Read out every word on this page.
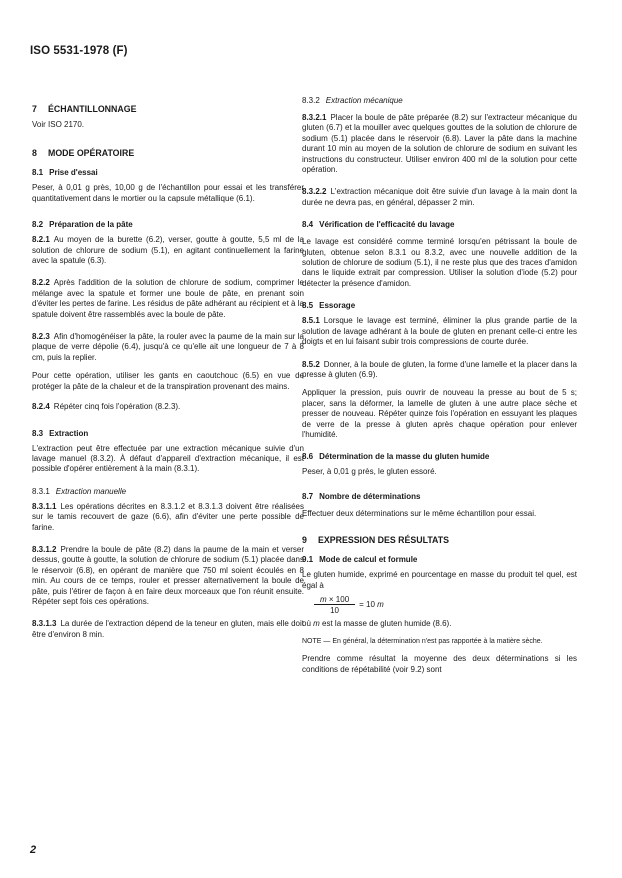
ISO 5531-1978 (F)
7 ÉCHANTILLONNAGE

Voir ISO 2170.

8 MODE OPÉRATOIRE
8.1 Prise d'essai

Peser, à 0,01 g près, 10,00 g de l'échantillon pour essai et les transférer quantitativement dans le mortier ou la capsule métallique (6.1).

8.2 Préparation de la pâte

8.2.1 Au moyen de la burette (6.2), verser, goutte à goutte, 5,5 ml de la solution de chlorure de sodium (5.1), en agitant continuellement la farine avec la spatule (6.3).

8.2.2 Après l'addition de la solution de chlorure de sodium, comprimer le mélange avec la spatule et former une boule de pâte, en prenant soin d'éviter les pertes de farine. Les résidus de pâte adhérant au récipient et à la spatule doivent être rassemblés avec la boule de pâte.

8.2.3 Afin d'homogénéiser la pâte, la rouler avec la paume de la main sur la plaque de verre dépolie (6.4), jusqu'à ce qu'elle ait une longueur de 7 à 8 cm, puis la replier.

Pour cette opération, utiliser les gants en caoutchouc (6.5) en vue de protéger la pâte de la chaleur et de la transpiration provenant des mains.

8.2.4 Répéter cinq fois l'opération (8.2.3).

8.3 Extraction

L'extraction peut être effectuée par une extraction mécanique suivie d'un lavage manuel (8.3.2). À défaut d'appareil d'extraction mécanique, il est possible d'opérer entièrement à la main (8.3.1).

8.3.1 Extraction manuelle

8.3.1.1 Les opérations décrites en 8.3.1.2 et 8.3.1.3 doivent être réalisées sur le tamis recouvert de gaze (6.6), afin d'éviter une perte possible de farine.

8.3.1.2 Prendre la boule de pâte (8.2) dans la paume de la main et verser dessus, goutte à goutte, la solution de chlorure de sodium (5.1) placée dans le réservoir (6.8), en opérant de manière que 750 ml soient écoulés en 8 min. Au cours de ce temps, rouler et presser alternativement la boule de pâte, puis l'étirer de façon à en faire deux morceaux que l'on réunit ensuite. Répéter sept fois ces opérations.

8.3.1.3 La durée de l'extraction dépend de la teneur en gluten, mais elle doit être d'environ 8 min.

8.3.2 Extraction mécanique

8.3.2.1 Placer la boule de pâte préparée (8.2) sur l'extracteur mécanique du gluten (6.7) et la mouiller avec quelques gouttes de la solution de chlorure de sodium (5.1) placée dans le réservoir (6.8). Laver la pâte dans la machine durant 10 min au moyen de la solution de chlorure de sodium en suivant les instructions du constructeur. Utiliser environ 400 ml de la solution pour cette opération.

8.3.2.2 L'extraction mécanique doit être suivie d'un lavage à la main dont la durée ne devra pas, en général, dépasser 2 min.

8.4 Vérification de l'efficacité du lavage

Le lavage est considéré comme terminé lorsqu'en pétrissant la boule de gluten, obtenue selon 8.3.1 ou 8.3.2, avec une nouvelle addition de la solution de chlorure de sodium (5.1), il ne reste plus que des traces d'amidon dans le liquide extrait par compression. Utiliser la solution d'iode (5.2) pour détecter la présence d'amidon.

8.5 Essorage

8.5.1 Lorsque le lavage est terminé, éliminer la plus grande partie de la solution de lavage adhérant à la boule de gluten en prenant celle-ci entre les doigts et en lui faisant subir trois compressions de courte durée.

8.5.2 Donner, à la boule de gluten, la forme d'une lamelle et la placer dans la presse à gluten (6.9).

Appliquer la pression, puis ouvrir de nouveau la presse au bout de 5 s; placer, sans la déformer, la lamelle de gluten à une autre place sèche et presser de nouveau. Répéter quinze fois l'opération en essuyant les plaques de verre de la presse à gluten après chaque opération pour enlever l'humidité.

8.6 Détermination de la masse du gluten humide

Peser, à 0,01 g près, le gluten essoré.

8.7 Nombre de déterminations

Effectuer deux déterminations sur le même échantillon pour essai.

9 EXPRESSION DES RÉSULTATS
9.1 Mode de calcul et formule

Le gluten humide, exprimé en pourcentage en masse du produit tel quel, est égal à

$\frac{m \times 100}{10} = 10$ m

où m est la masse de gluten humide (8.6).

NOTE — En général, la détermination n'est pas rapportée à la matière sèche.

Prendre comme résultat la moyenne des deux déterminations si les conditions de répétabilité (voir 9.2) sont

2
